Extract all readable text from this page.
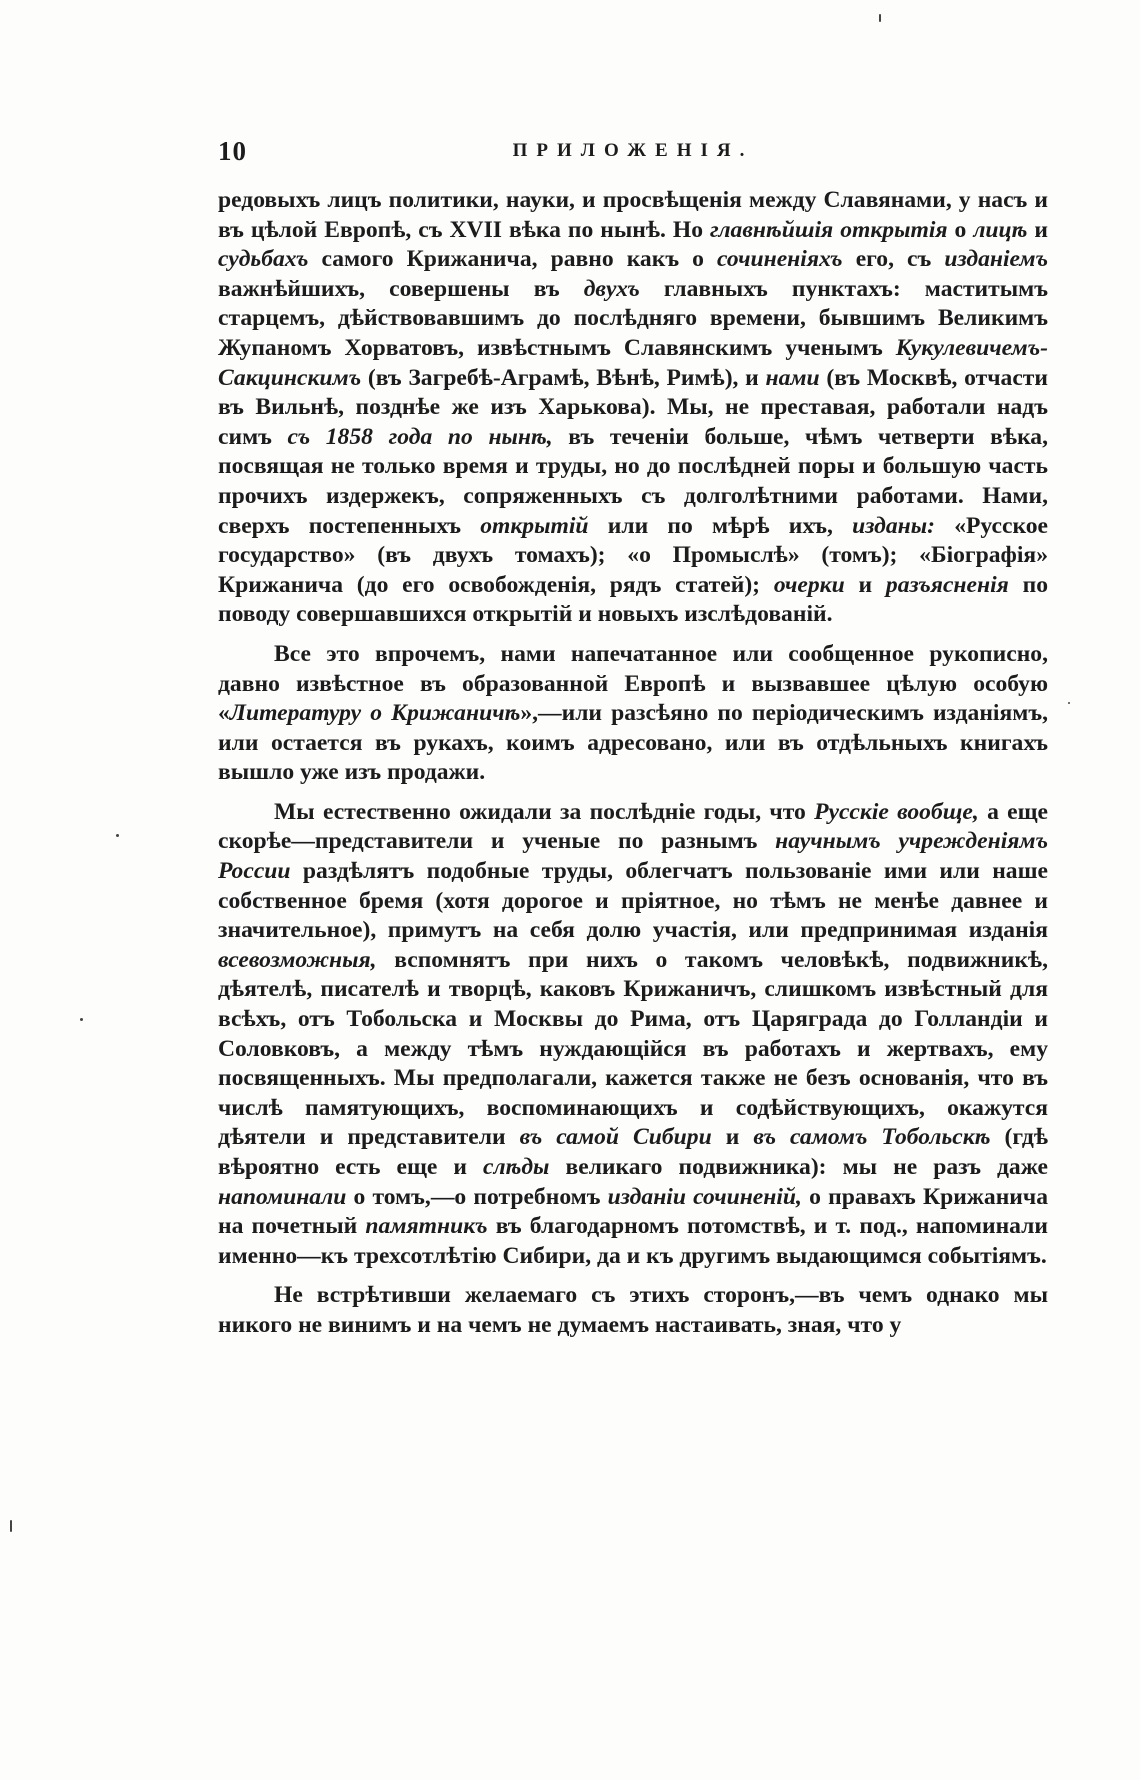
10	ПРИЛОЖЕНІЯ.

редовыхъ лицъ политики, науки, и просвѣщенія между Славянами, у насъ и въ цѣлой Европѣ, съ XVII вѣка по нынѣ. Но главнѣйшія открытія о лицѣ и судьбахъ самого Крижанича, равно какъ о сочиненіяхъ его, съ изданіемъ важнѣйшихъ, совершены въ двухъ главныхъ пунктахъ: маститымъ старцемъ, дѣйствовавшимъ до послѣдняго времени, бывшимъ Великимъ Жупаномъ Хорватовъ, извѣстнымъ Славянскимъ ученымъ Кукулевичемъ-Сакцинскимъ (въ Загребѣ-Аграмѣ, Вѣнѣ, Римѣ), и нами (въ Москвѣ, отчасти въ Вильнѣ, позднѣе же изъ Харькова). Мы, не преставая, работали надъ симъ съ 1858 года по нынѣ, въ теченіи больше, чѣмъ четверти вѣка, посвящая не только время и труды, но до послѣдней поры и большую часть прочихъ издержекъ, сопряженныхъ съ долголѣтними работами. Нами, сверхъ постепенныхъ открытій или по мѣрѣ ихъ, изданы: «Русское государство» (въ двухъ томахъ); «о Промыслѣ» (томъ); «Біографія» Крижанича (до его освобожденія, рядъ статей); очерки и разъясненія по поводу совершавшихся открытій и новыхъ изслѣдованій.

Все это впрочемъ, нами напечатанное или сообщенное рукописно, давно извѣстное въ образованной Европѣ и вызвавшее цѣлую особую «Литературу о Крижаничѣ»,—или разсѣяно по періодическимъ изданіямъ, или остается въ рукахъ, коимъ адресовано, или въ отдѣльныхъ книгахъ вышло уже изъ продажи.

Мы естественно ожидали за послѣдніе годы, что Русскіе вообще, а еще скорѣе—представители и ученые по разнымъ научнымъ учрежденіямъ России раздѣлятъ подобные труды, облегчатъ пользованіе ими или наше собственное бремя (хотя дорогое и пріятное, но тѣмъ не менѣе давнее и значительное), примутъ на себя долю участія, или предпринимая изданія всевозможныя, вспомнятъ при нихъ о такомъ человѣкѣ, подвижникѣ, дѣятелѣ, писателѣ и творцѣ, каковъ Крижаничъ, слишкомъ извѣстный для всѣхъ, отъ Тобольска и Москвы до Рима, отъ Царяграда до Голландіи и Соловковъ, а между тѣмъ нуждающійся въ работахъ и жертвахъ, ему посвященныхъ. Мы предполагали, кажется также не безъ основанія, что въ числѣ памятующихъ, воспоминающихъ и содѣйствующихъ, окажутся дѣятели и представители въ самой Сибири и въ самомъ Тобольскѣ (гдѣ вѣроятно есть еще и слѣды великаго подвижника): мы не разъ даже напоминали о томъ,—о потребномъ изданіи сочиненій, о правахъ Крижанича на почетный памятникъ въ благодарномъ потомствѣ, и т. под., напоминали именно—къ трехсотлѣтію Сибири, да и къ другимъ выдающимся событіямъ.

Не встрѣтивши желаемаго съ этихъ сторонъ,—въ чемъ однако мы никого не винимъ и на чемъ не думаемъ настаивать, зная, что у
